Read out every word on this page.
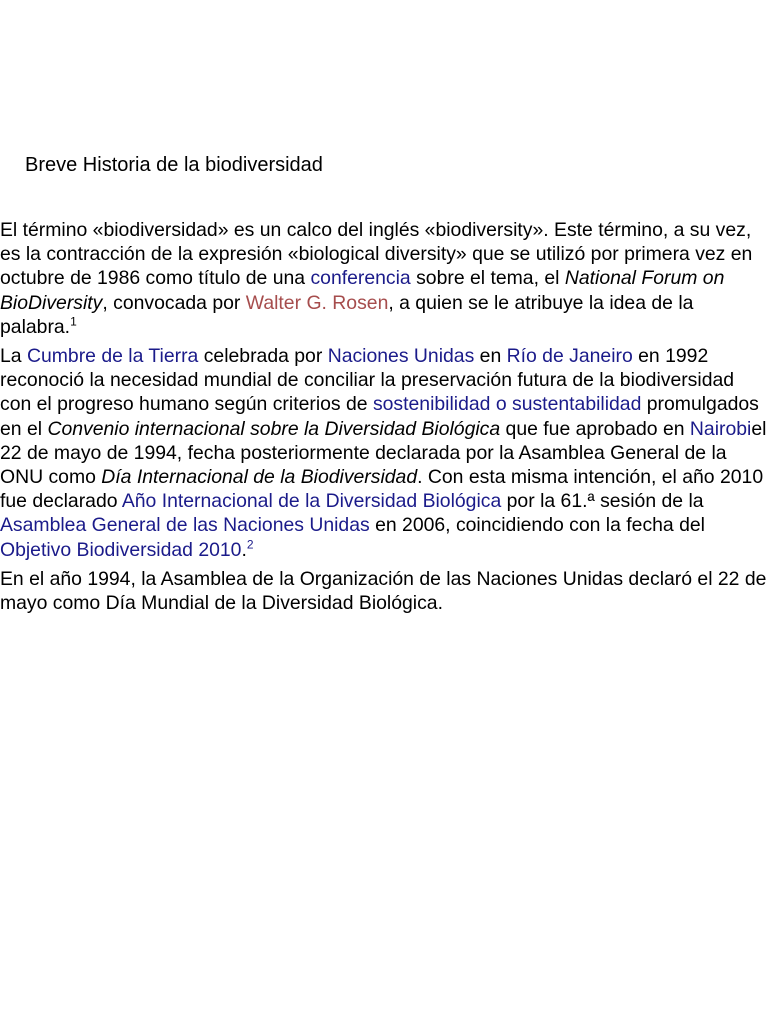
Breve Historia de la biodiversidad

El término «biodiversidad» es un calco del inglés «biodiversity». Este término, a su vez, es la contracción de la expresión «biological diversity» que se utilizó por primera vez en octubre de 1986 como título de una conferencia sobre el tema, el National Forum on BioDiversity, convocada por Walter G. Rosen, a quien se le atribuye la idea de la palabra.$^1$

La Cumbre de la Tierra celebrada por Naciones Unidas en Río de Janeiro en 1992 reconoció la necesidad mundial de conciliar la preservación futura de la biodiversidad con el progreso humano según criterios de sostenibilidad o sustentabilidad promulgados en el Convenio internacional sobre la Diversidad Biológica que fue aprobado en Nairobiel 22 de mayo de 1994, fecha posteriormente declarada por la Asamblea General de la ONU como Día Internacional de la Biodiversidad. Con esta misma intención, el año 2010 fue declarado Año Internacional de la Diversidad Biológica por la 61.ª sesión de la Asamblea General de las Naciones Unidas en 2006, coincidiendo con la fecha del Objetivo Biodiversidad 2010.$^2$

En el año 1994, la Asamblea de la Organización de las Naciones Unidas declaró el 22 de mayo como Día Mundial de la Diversidad Biológica.
